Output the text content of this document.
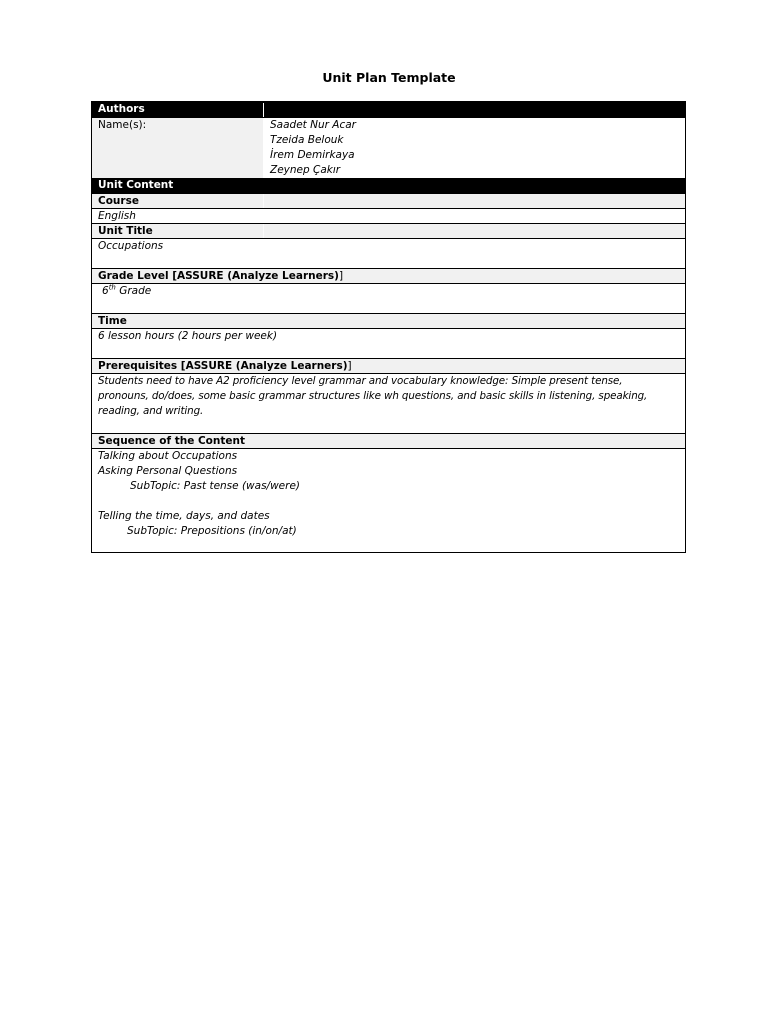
Unit Plan Template
Authors
Name(s):	Saadet Nur Acar
Tzeida Belouk
İrem Demirkaya
Zeynep Çakır
Unit Content
Course
English
Unit Title
Occupations
Grade Level [ASSURE (Analyze Learners)]
6th Grade
Time
6 lesson hours (2 hours per week)
Prerequisites [ASSURE (Analyze Learners)]
Students need to have A2 proficiency level grammar and vocabulary knowledge: Simple present tense,
pronouns, do/does, some basic grammar structures like wh questions, and basic skills in listening, speaking,
reading, and writing.
Sequence of the Content
Talking about Occupations
Asking Personal Questions
SubTopic: Past tense (was/were)
Telling the time, days, and dates
SubTopic: Prepositions (in/on/at)
